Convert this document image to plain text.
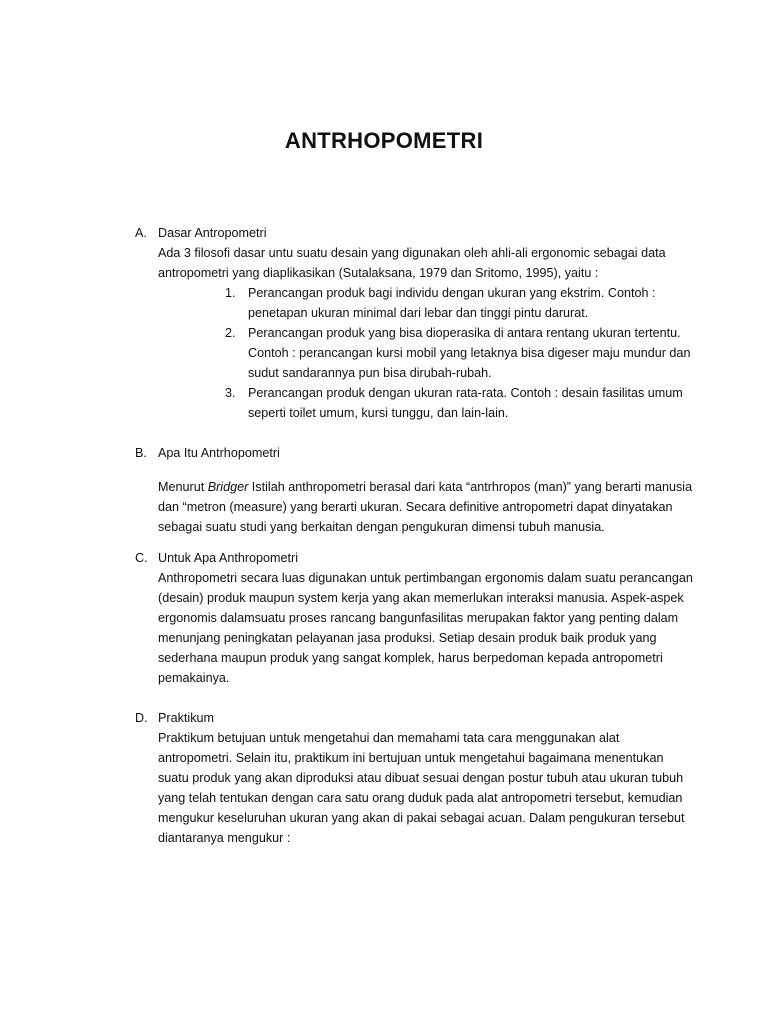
ANTRHOPOMETRI
A. Dasar Antropometri

Ada 3 filosofi dasar untu suatu desain yang digunakan oleh ahli-ali ergonomic sebagai data antropometri yang diaplikasikan (Sutalaksana, 1979 dan Sritomo, 1995), yaitu :

1. Perancangan produk bagi individu dengan ukuran yang ekstrim. Contoh : penetapan ukuran minimal dari lebar dan tinggi pintu darurat.
2. Perancangan produk yang bisa dioperasika di antara rentang ukuran tertentu. Contoh : perancangan kursi mobil yang letaknya bisa digeser maju mundur dan sudut sandarannya pun bisa dirubah-rubah.
3. Perancangan produk dengan ukuran rata-rata. Contoh : desain fasilitas umum seperti toilet umum, kursi tunggu, dan lain-lain.
B. Apa Itu Antrhopometri

Menurut Bridger Istilah anthropometri berasal dari kata “antrhropos (man)” yang berarti manusia dan “metron (measure) yang berarti ukuran. Secara definitive antropometri dapat dinyatakan sebagai suatu studi yang berkaitan dengan pengukuran dimensi tubuh manusia.

C. Untuk Apa Anthropometri

Anthropometri secara luas digunakan untuk pertimbangan ergonomis dalam suatu perancangan (desain) produk maupun system kerja yang akan memerlukan interaksi manusia. Aspek-aspek ergonomis dalamsuatu proses rancang bangunfasilitas merupakan faktor yang penting dalam menunjang peningkatan pelayanan jasa produksi. Setiap desain produk baik produk yang sederhana maupun produk yang sangat komplek, harus berpedoman kepada antropometri pemakainya.

D. Praktikum

Praktikum betujuan untuk mengetahui dan memahami tata cara menggunakan alat antropometri. Selain itu, praktikum ini bertujuan untuk mengetahui bagaimana menentukan suatu produk yang akan diproduksi atau dibuat sesuai dengan postur tubuh atau ukuran tubuh yang telah tentukan dengan cara satu orang duduk pada alat antropometri tersebut, kemudian mengukur keseluruhan ukuran yang akan di pakai sebagai acuan. Dalam pengukuran tersebut diantaranya mengukur :
